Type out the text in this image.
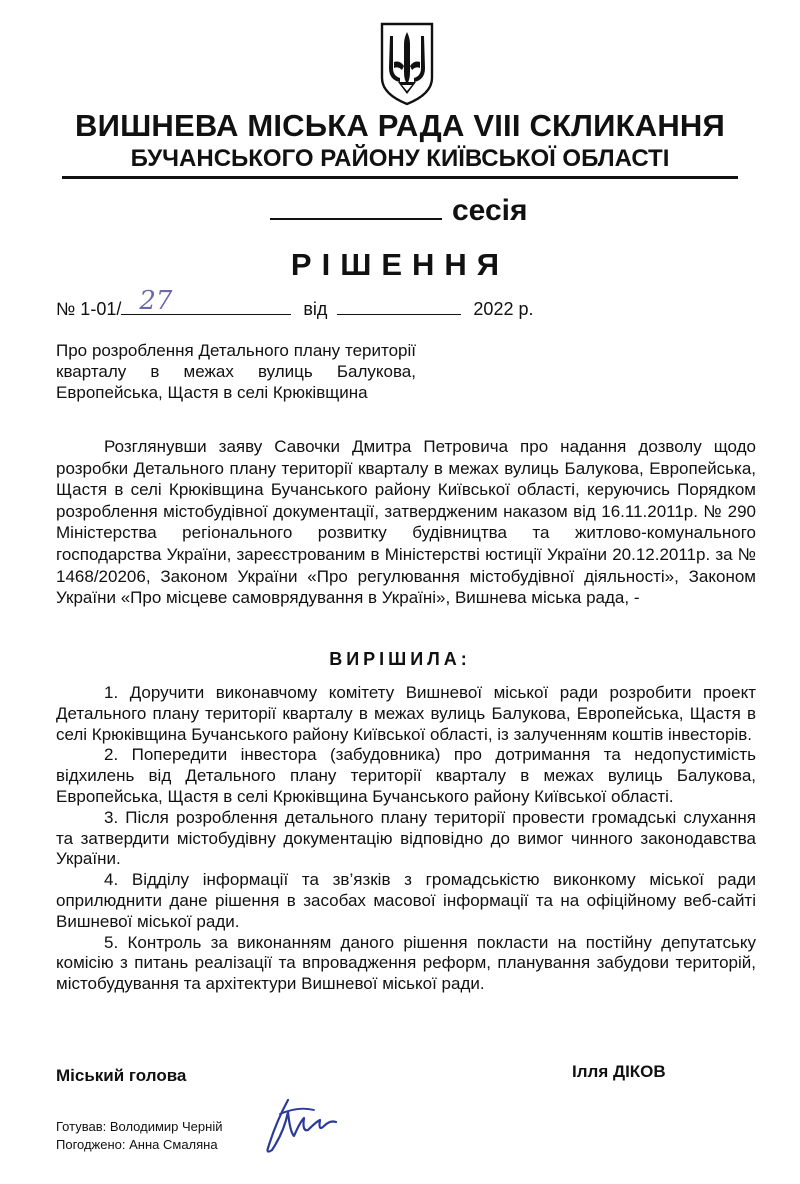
ВИШНЕВА МІСЬКА РАДА VIII СКЛИКАННЯ
БУЧАНСЬКОГО РАЙОНУ КИЇВСЬКОЇ ОБЛАСТІ
сесія
РІШЕННЯ
№ 1-01/ 27	від	2022 р.

Про розроблення Детального плану території кварталу в межах вулиць Балукова, Европейська, Щастя в селі Крюківщина

Розглянувши заяву Савочки Дмитра Петровича про надання дозволу щодо розробки Детального плану території кварталу в межах вулиць Балукова, Европейська, Щастя в селі Крюківщина Бучанського району Київської області, керуючись Порядком розроблення містобудівної документації, затвердженим наказом від 16.11.2011р. № 290 Міністерства регіонального розвитку будівництва та житлово-комунального господарства України, зареєстрованим в Міністерстві юстиції України 20.12.2011р. за № 1468/20206, Законом України «Про регулювання містобудівної діяльності», Законом України «Про місцеве самоврядування в Україні», Вишнева міська рада, -

ВИРІШИЛА:

1. Доручити виконавчому комітету Вишневої міської ради розробити проект Детального плану території кварталу в межах вулиць Балукова, Европейська, Щастя в селі Крюківщина Бучанського району Київської області, із залученням коштів інвесторів.

2. Попередити інвестора (забудовника) про дотримання та недопустимість відхилень від Детального плану території кварталу в межах вулиць Балукова, Европейська, Щастя в селі Крюківщина Бучанського району Київської області.

3. Після розроблення детального плану території провести громадські слухання та затвердити містобудівну документацію відповідно до вимог чинного законодавства України.

4. Відділу інформації та зв’язків з громадськістю виконкому міської ради оприлюднити дане рішення в засобах масової інформації та на офіційному веб-сайті Вишневої міської ради.

5. Контроль за виконанням даного рішення покласти на постійну депутатську комісію з питань реалізації та впровадження реформ, планування забудови територій, містобудування та архітектури Вишневої міської ради.

Міський голова	Ілля ДІКОВ
Готував: Володимир Черній
Погоджено: Анна Смаляна
